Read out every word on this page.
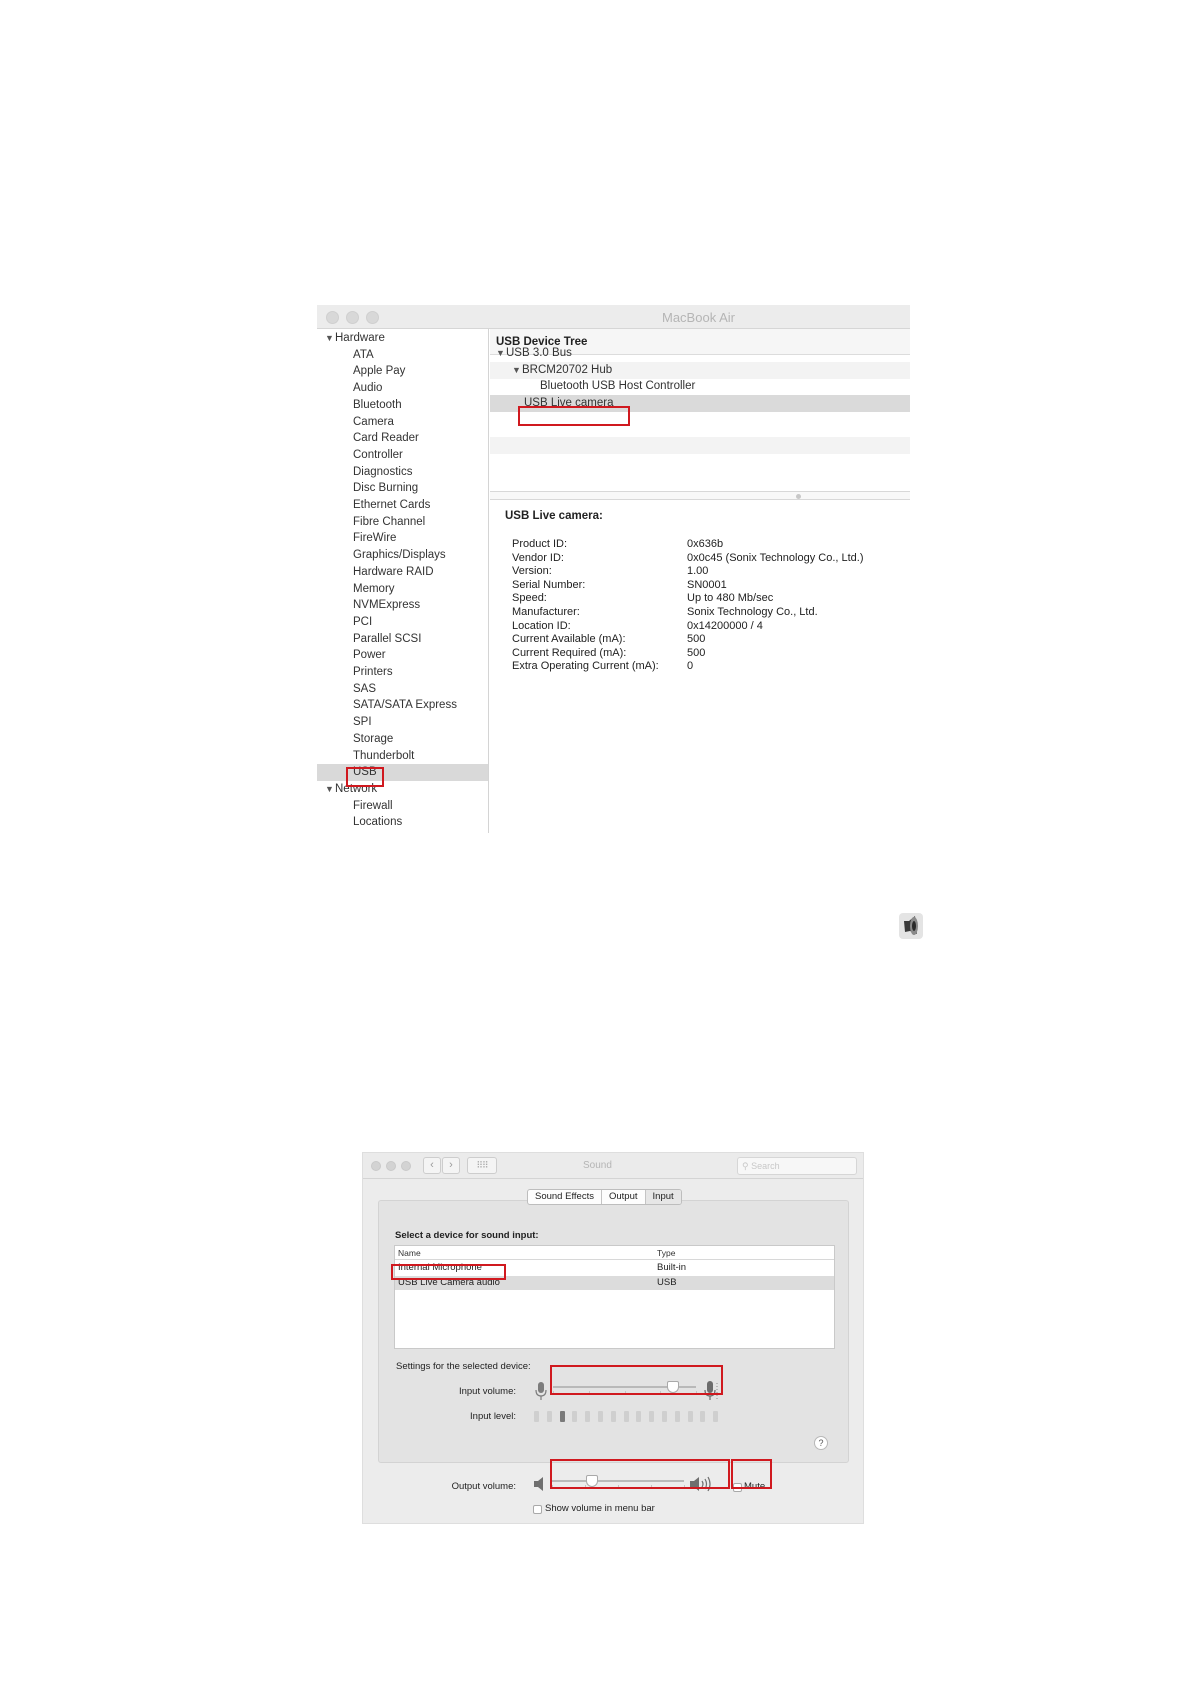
MacBook Air
▼Hardware
ATA
Apple Pay
Audio
Bluetooth
Camera
Card Reader
Controller
Diagnostics
Disc Burning
Ethernet Cards
Fibre Channel
FireWire
Graphics/Displays
Hardware RAID
Memory
NVMExpress
PCI
Parallel SCSI
Power
Printers
SAS
SATA/SATA Express
SPI
Storage
Thunderbolt
USB
▼Network
Firewall
Locations
USB Device Tree
▼USB 3.0 Bus
▼BRCM20702 Hub
Bluetooth USB Host Controller
USB Live camera
USB Live camera:
Product ID:	0x636b
Vendor ID:	0x0c45 (Sonix Technology Co., Ltd.)
Version:	1.00
Serial Number:	SN0001
Speed:	Up to 480 Mb/sec
Manufacturer:	Sonix Technology Co., Ltd.
Location ID:	0x14200000 / 4
Current Available (mA):	500
Current Required (mA):	500
Extra Operating Current (mA):	0
‹	›	⠿⠿	Sound	⚲ Search
Sound Effects	Output	Input
Select a device for sound input:
Name	Type
Internal Microphone	Built-in
USB Live Camera audio	USB
Settings for the selected device:
Input volume:
Input level:
?
Output volume:	Mute
Show volume in menu bar
